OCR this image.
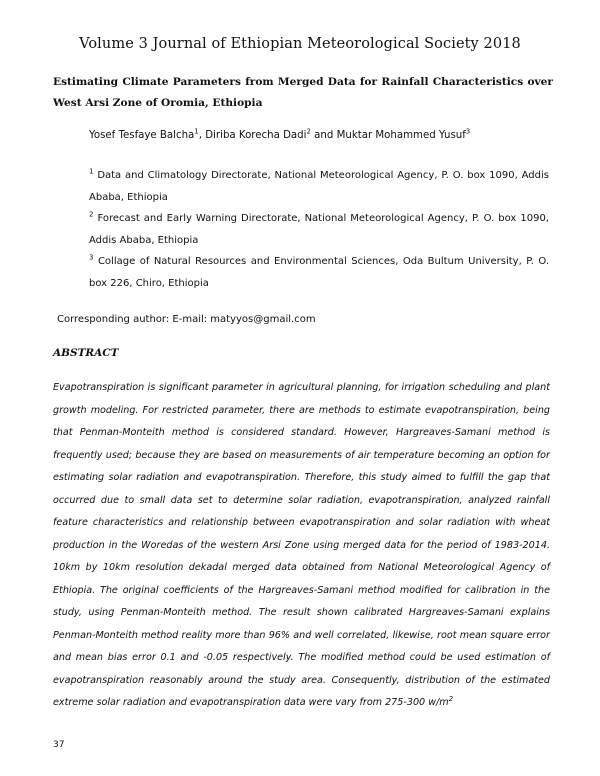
Volume 3 Journal of Ethiopian Meteorological Society 2018
Estimating Climate Parameters from Merged Data for Rainfall Characteristics over West Arsi Zone of Oromia, Ethiopia
Yosef Tesfaye Balcha$^1$, Diriba Korecha Dadi$^2$ and Muktar Mohammed Yusuf$^3$
$^1$ Data and Climatology Directorate, National Meteorological Agency, P. O. box 1090, Addis Ababa, Ethiopia
$^2$ Forecast and Early Warning Directorate, National Meteorological Agency, P. O. box 1090, Addis Ababa, Ethiopia
$^3$ Collage of Natural Resources and Environmental Sciences, Oda Bultum University, P. O. box 226, Chiro, Ethiopia
Corresponding author: E-mail: matyyos@gmail.com
ABSTRACT
Evapotranspiration is significant parameter in agricultural planning, for irrigation scheduling and plant growth modeling. For restricted parameter, there are methods to estimate evapotranspiration, being that Penman-Monteith method is considered standard. However, Hargreaves-Samani method is frequently used; because they are based on measurements of air temperature becoming an option for estimating solar radiation and evapotranspiration. Therefore, this study aimed to fulfill the gap that occurred due to small data set to determine solar radiation, evapotranspiration, analyzed rainfall feature characteristics and relationship between evapotranspiration and solar radiation with wheat production in the Woredas of the western Arsi Zone using merged data for the period of 1983-2014. 10km by 10km resolution dekadal merged data obtained from National Meteorological Agency of Ethiopia. The original coefficients of the Hargreaves-Samani method modified for calibration in the study, using Penman-Monteith method. The result shown calibrated Hargreaves-Samani explains Penman-Monteith method reality more than 96% and well correlated, likewise, root mean square error and mean bias error 0.1 and -0.05 respectively. The modified method could be used estimation of evapotranspiration reasonably around the study area. Consequently, distribution of the estimated extreme solar radiation and evapotranspiration data were vary from 275-300 $w/m^2$
37
